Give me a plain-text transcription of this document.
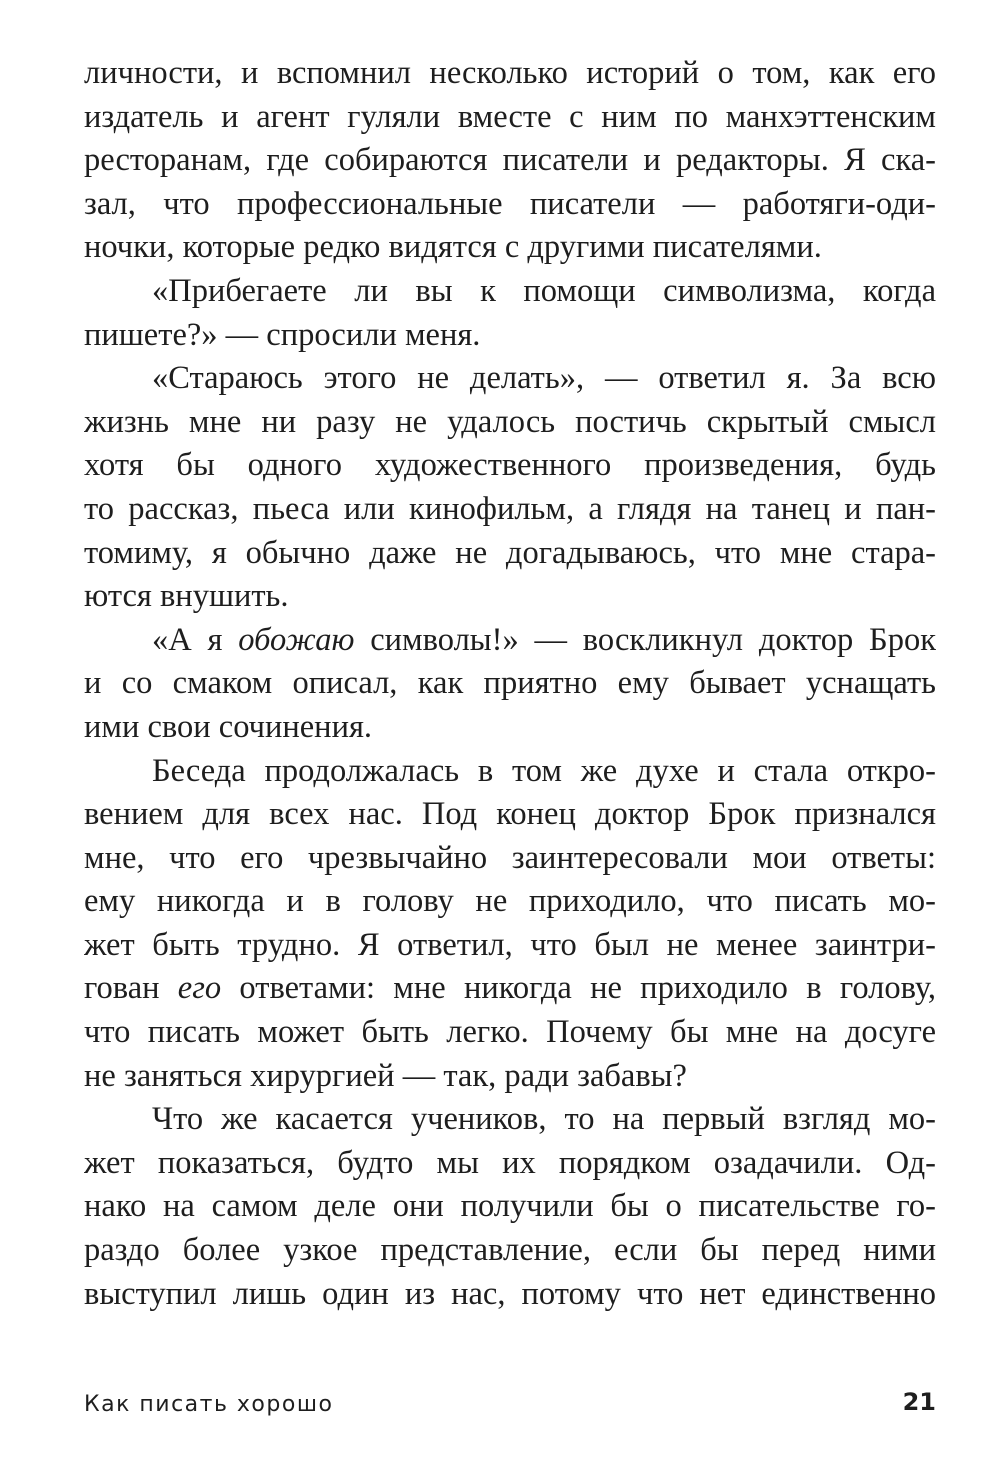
личности, и вспомнил несколько историй о том, как его
издатель и агент гуляли вместе с ним по манхэттенским
ресторанам, где собираются писатели и редакторы. Я ска-
зал, что профессиональные писатели — работяги-оди-
ночки, которые редко видятся с другими писателями.
«Прибегаете ли вы к помощи символизма, когда
пишете?» — спросили меня.
«Стараюсь этого не делать», — ответил я. За всю
жизнь мне ни разу не удалось постичь скрытый смысл
хотя бы одного художественного произведения, будь
то рассказ, пьеса или кинофильм, а глядя на танец и пан-
томиму, я обычно даже не догадываюсь, что мне стара-
ются внушить.
«А я обожаю символы!» — воскликнул доктор Брок
и со смаком описал, как приятно ему бывает уснащать
ими свои сочинения.
Беседа продолжалась в том же духе и стала откро-
вением для всех нас. Под конец доктор Брок признался
мне, что его чрезвычайно заинтересовали мои ответы:
ему никогда и в голову не приходило, что писать мо-
жет быть трудно. Я ответил, что был не менее заинтри-
гован его ответами: мне никогда не приходило в голову,
что писать может быть легко. Почему бы мне на досуге
не заняться хирургией — так, ради забавы?
Что же касается учеников, то на первый взгляд мо-
жет показаться, будто мы их порядком озадачили. Од-
нако на самом деле они получили бы о писательстве го-
раздо более узкое представление, если бы перед ними
выступил лишь один из нас, потому что нет единственно
Как писать хорошо	21
